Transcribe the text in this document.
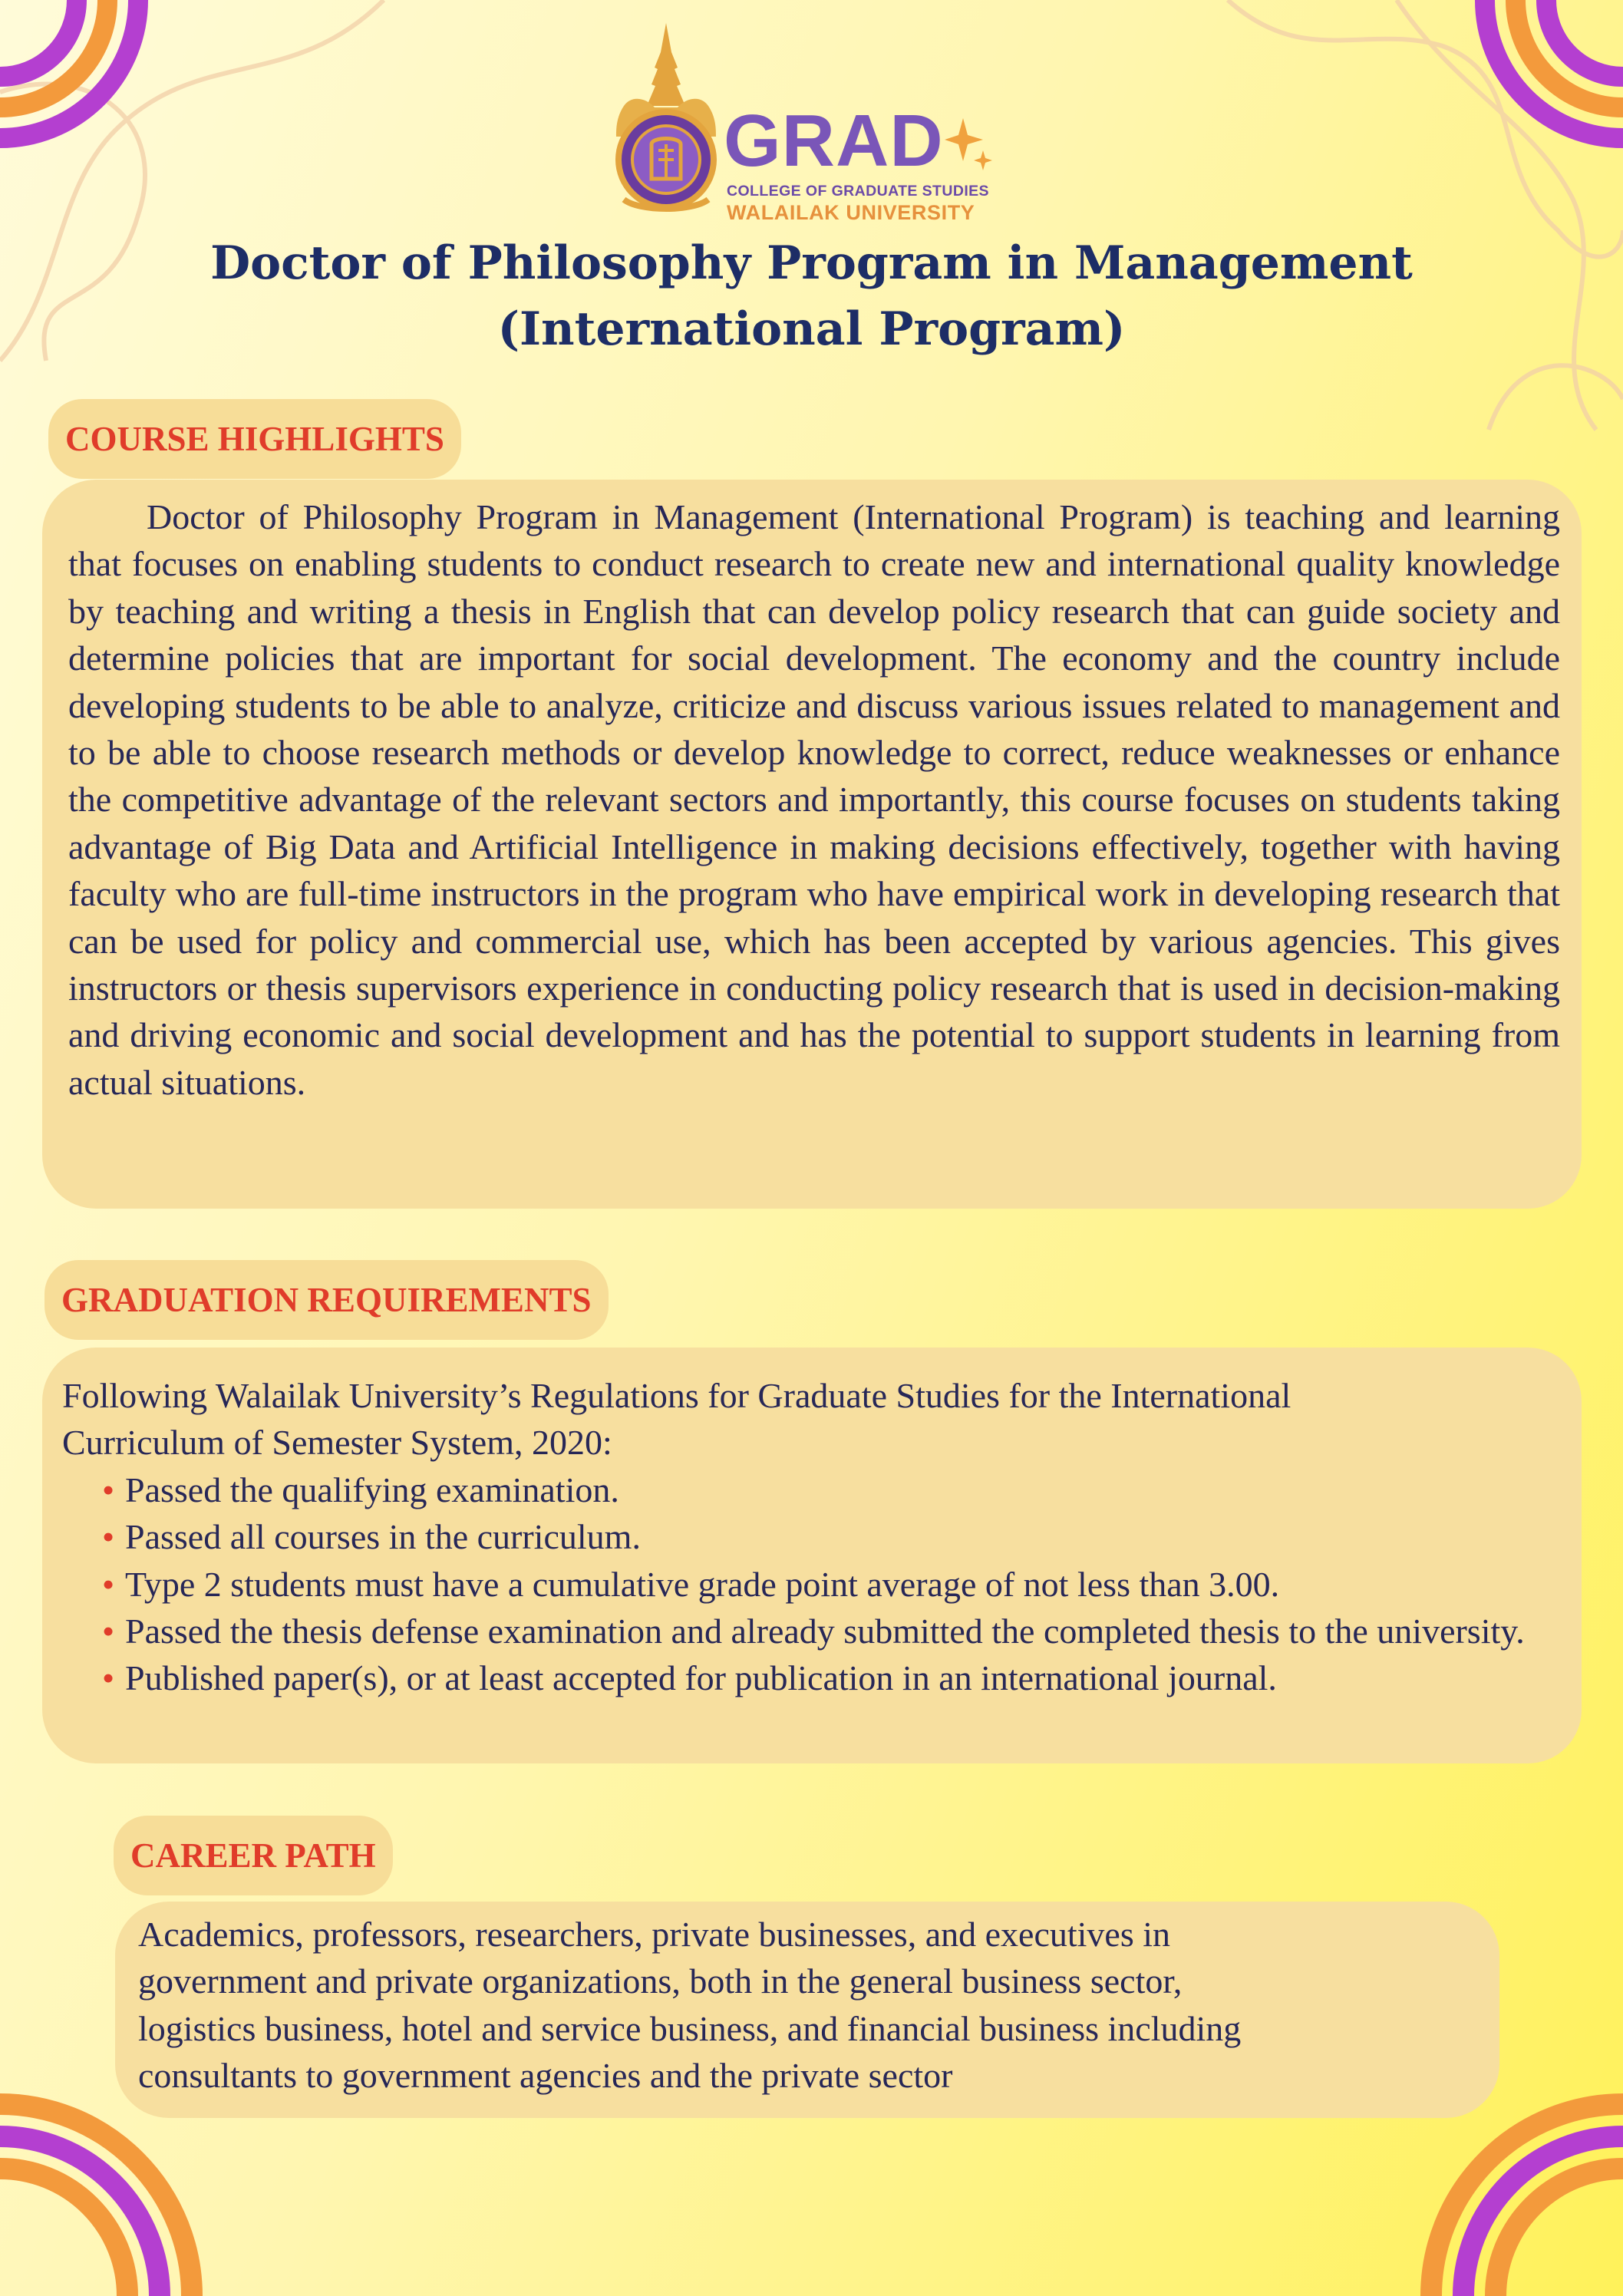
GRAD
COLLEGE OF GRADUATE STUDIES
WALAILAK UNIVERSITY
Doctor of Philosophy Program in Management
(International Program)
COURSE HIGHLIGHTS
Doctor of Philosophy Program in Management (International Program) is teaching and learning that focuses on enabling students to conduct research to create new and international quality knowledge by teaching and writing a thesis in English that can develop policy research that can guide society and determine policies that are important for social development. The economy and the country include developing students to be able to analyze, criticize and discuss various issues related to management and to be able to choose research methods or develop knowledge to correct, reduce weaknesses or enhance the competitive advantage of the relevant sectors and importantly, this course focuses on students taking advantage of Big Data and Artificial Intelligence in making decisions effectively, together with having faculty who are full-time instructors in the program who have empirical work in developing research that can be used for policy and commercial use, which has been accepted by various agencies. This gives instructors or thesis supervisors experience in conducting policy research that is used in decision-making and driving economic and social development and has the potential to support students in learning from actual situations.
GRADUATION REQUIREMENTS
Following Walailak University’s Regulations for Graduate Studies for the International
Curriculum of Semester System, 2020:
• Passed the qualifying examination.
• Passed all courses in the curriculum.
• Type 2 students must have a cumulative grade point average of not less than 3.00.
• Passed the thesis defense examination and already submitted the completed thesis to the university.
• Published paper(s), or at least accepted for publication in an international journal.
CAREER PATH
Academics, professors, researchers, private businesses, and executives in
government and private organizations, both in the general business sector,
logistics business, hotel and service business, and financial business including
consultants to government agencies and the private sector
